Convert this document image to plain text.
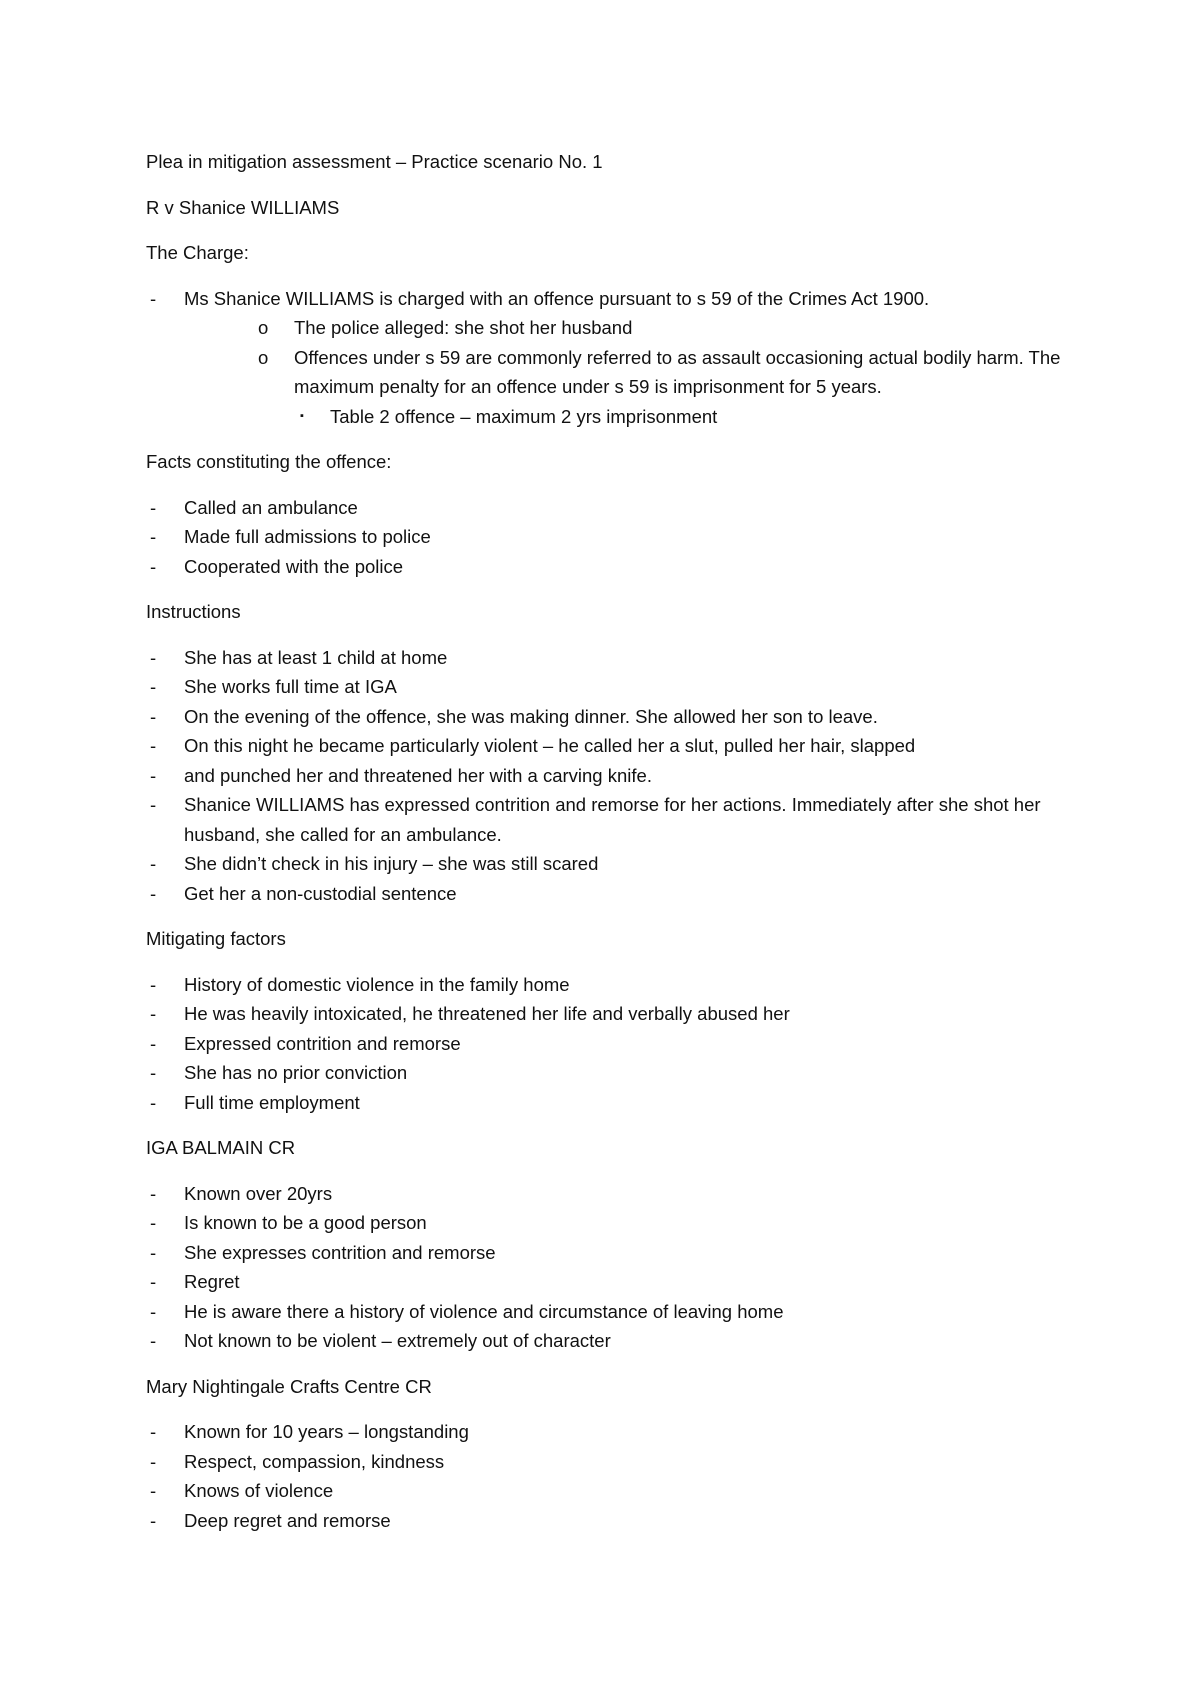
Plea in mitigation assessment – Practice scenario No. 1

R v Shanice WILLIAMS

The Charge:

- Ms Shanice WILLIAMS is charged with an offence pursuant to s 59 of the Crimes Act 1900.
o The police alleged: she shot her husband
o Offences under s 59 are commonly referred to as assault occasioning actual bodily harm. The maximum penalty for an offence under s 59 is imprisonment for 5 years.
▪ Table 2 offence – maximum 2 yrs imprisonment

Facts constituting the offence:

- Called an ambulance
- Made full admissions to police
- Cooperated with the police

Instructions

- She has at least 1 child at home
- She works full time at IGA
- On the evening of the offence, she was making dinner. She allowed her son to leave.
- On this night he became particularly violent – he called her a slut, pulled her hair, slapped
- and punched her and threatened her with a carving knife.
- Shanice WILLIAMS has expressed contrition and remorse for her actions. Immediately after she shot her husband, she called for an ambulance.
- She didn’t check in his injury – she was still scared
- Get her a non-custodial sentence

Mitigating factors

- History of domestic violence in the family home
- He was heavily intoxicated, he threatened her life and verbally abused her
- Expressed contrition and remorse
- She has no prior conviction
- Full time employment

IGA BALMAIN CR

- Known over 20yrs
- Is known to be a good person
- She expresses contrition and remorse
- Regret
- He is aware there a history of violence and circumstance of leaving home
- Not known to be violent – extremely out of character

Mary Nightingale Crafts Centre CR

- Known for 10 years – longstanding
- Respect, compassion, kindness
- Knows of violence
- Deep regret and remorse
